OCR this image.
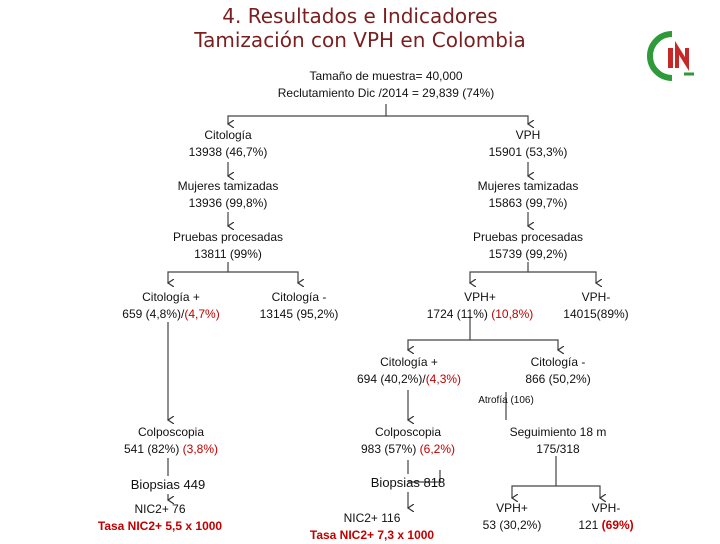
4. Resultados e Indicadores
Tamización con VPH en Colombia
Tamaño de muestra= 40,000
Reclutamiento Dic /2014 = 29,839 (74%)
Citología
13938 (46,7%)
Mujeres tamizadas
13936 (99,8%)
Pruebas procesadas
13811 (99%)
Citología +
659 (4,8%)/(4,7%)
Citología -
13145 (95,2%)
Colposcopia
541 (82%) (3,8%)
Biopsias 449
NIC2+ 76
Tasa NIC2+ 5,5 x 1000
VPH
15901 (53,3%)
Mujeres tamizadas
15863 (99,7%)
Pruebas procesadas
15739 (99,2%)
VPH+
1724 (11%) (10,8%)
VPH-
14015(89%)
Citología +
694 (40,2%)/(4,3%)
Citología -
866 (50,2%)
Atrofía (106)
Colposcopia
983 (57%) (6,2%)
Seguimiento 18 m
175/318
Biopsias 818
NIC2+ 116
Tasa NIC2+ 7,3 x 1000
VPH+
53 (30,2%)
VPH-
121 (69%)
